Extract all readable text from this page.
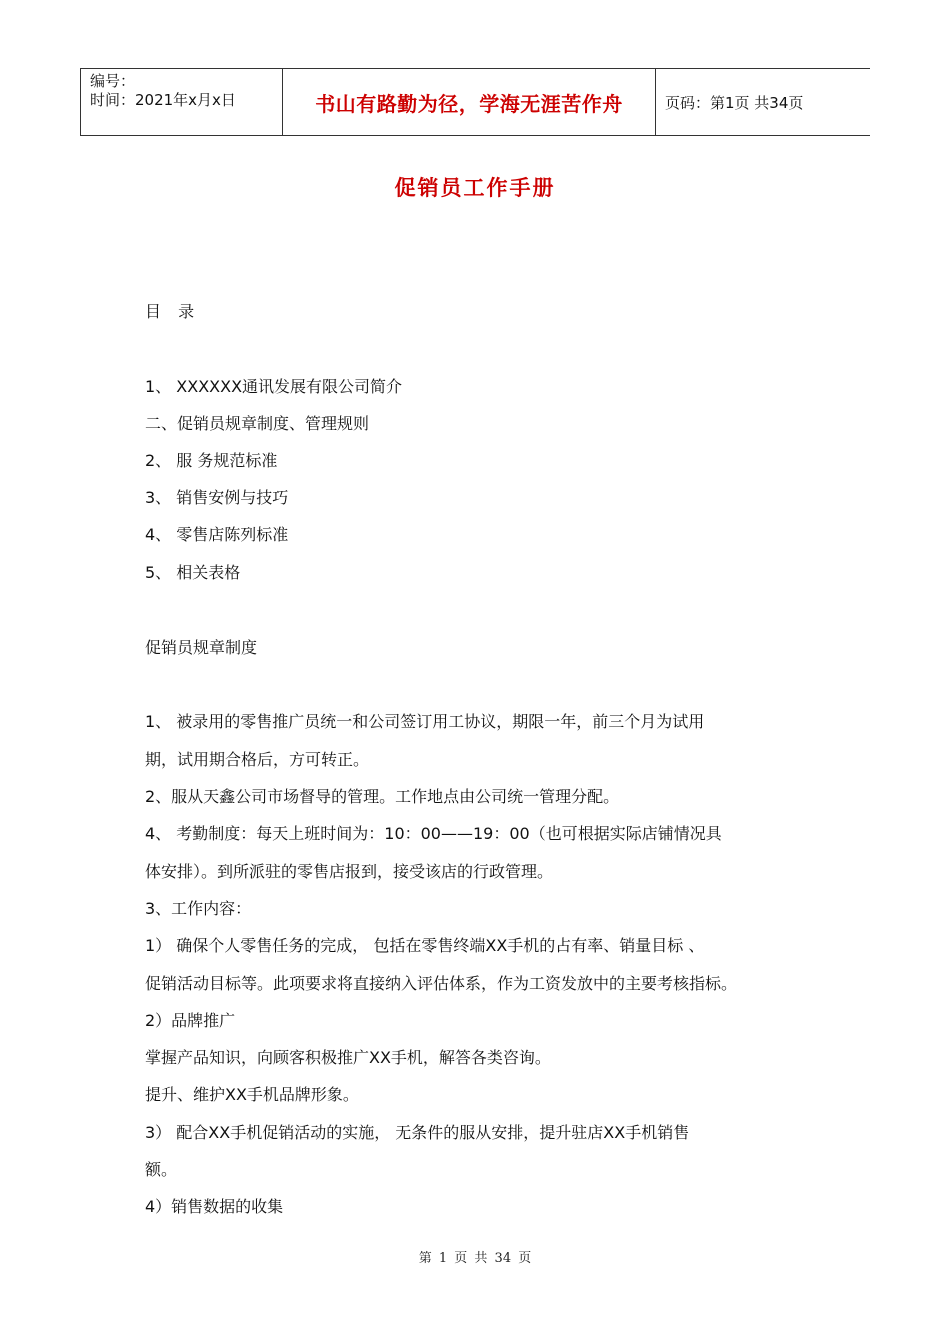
编号：
时间：2021年x月x日	书山有路勤为径，学海无涯苦作舟	页码：第1页 共34页
促销员工作手册
目 录
1、 XXXXXX通讯发展有限公司简介
二、促销员规章制度、管理规则
2、 服 务规范标准
3、 销售安例与技巧
4、 零售店陈列标准
5、 相关表格
促销员规章制度
1、 被录用的零售推广员统一和公司签订用工协议，期限一年，前三个月为试用
期，试用期合格后，方可转正。
2、服从天鑫公司市场督导的管理。工作地点由公司统一管理分配。
4、 考勤制度：每天上班时间为：10：00——19：00（也可根据实际店铺情况具
体安排）。到所派驻的零售店报到，接受该店的行政管理。
3、工作内容：
1） 确保个人零售任务的完成， 包括在零售终端XX手机的占有率、销量目标 、
促销活动目标等。此项要求将直接纳入评估体系，作为工资发放中的主要考核指标。
2）品牌推广
掌握产品知识，向顾客积极推广XX手机，解答各类咨询。
提升、维护XX手机品牌形象。
3） 配合XX手机促销活动的实施， 无条件的服从安排，提升驻店XX手机销售
额。
4）销售数据的收集
第 1 页 共 34 页
